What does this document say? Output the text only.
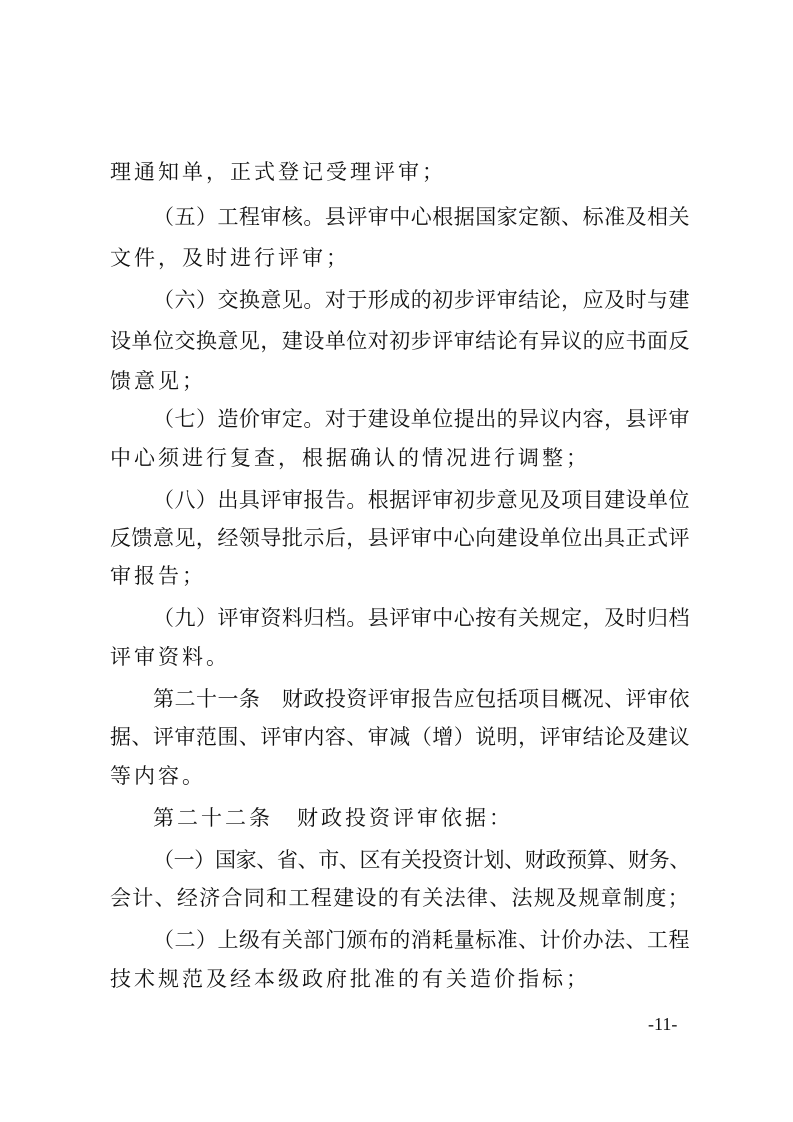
理通知单，正式登记受理评审；
（五）工程审核。县评审中心根据国家定额、标准及相关
文件，及时进行评审；
（六）交换意见。对于形成的初步评审结论，应及时与建
设单位交换意见，建设单位对初步评审结论有异议的应书面反
馈意见；
（七）造价审定。对于建设单位提出的异议内容，县评审
中心须进行复查，根据确认的情况进行调整；
（八）出具评审报告。根据评审初步意见及项目建设单位
反馈意见，经领导批示后，县评审中心向建设单位出具正式评
审报告；
（九）评审资料归档。县评审中心按有关规定，及时归档
评审资料。
第二十一条　财政投资评审报告应包括项目概况、评审依
据、评审范围、评审内容、审减（增）说明，评审结论及建议
等内容。
第二十二条　财政投资评审依据：
（一）国家、省、市、区有关投资计划、财政预算、财务、
会计、经济合同和工程建设的有关法律、法规及规章制度；
（二）上级有关部门颁布的消耗量标准、计价办法、工程
技术规范及经本级政府批准的有关造价指标；
-11-
